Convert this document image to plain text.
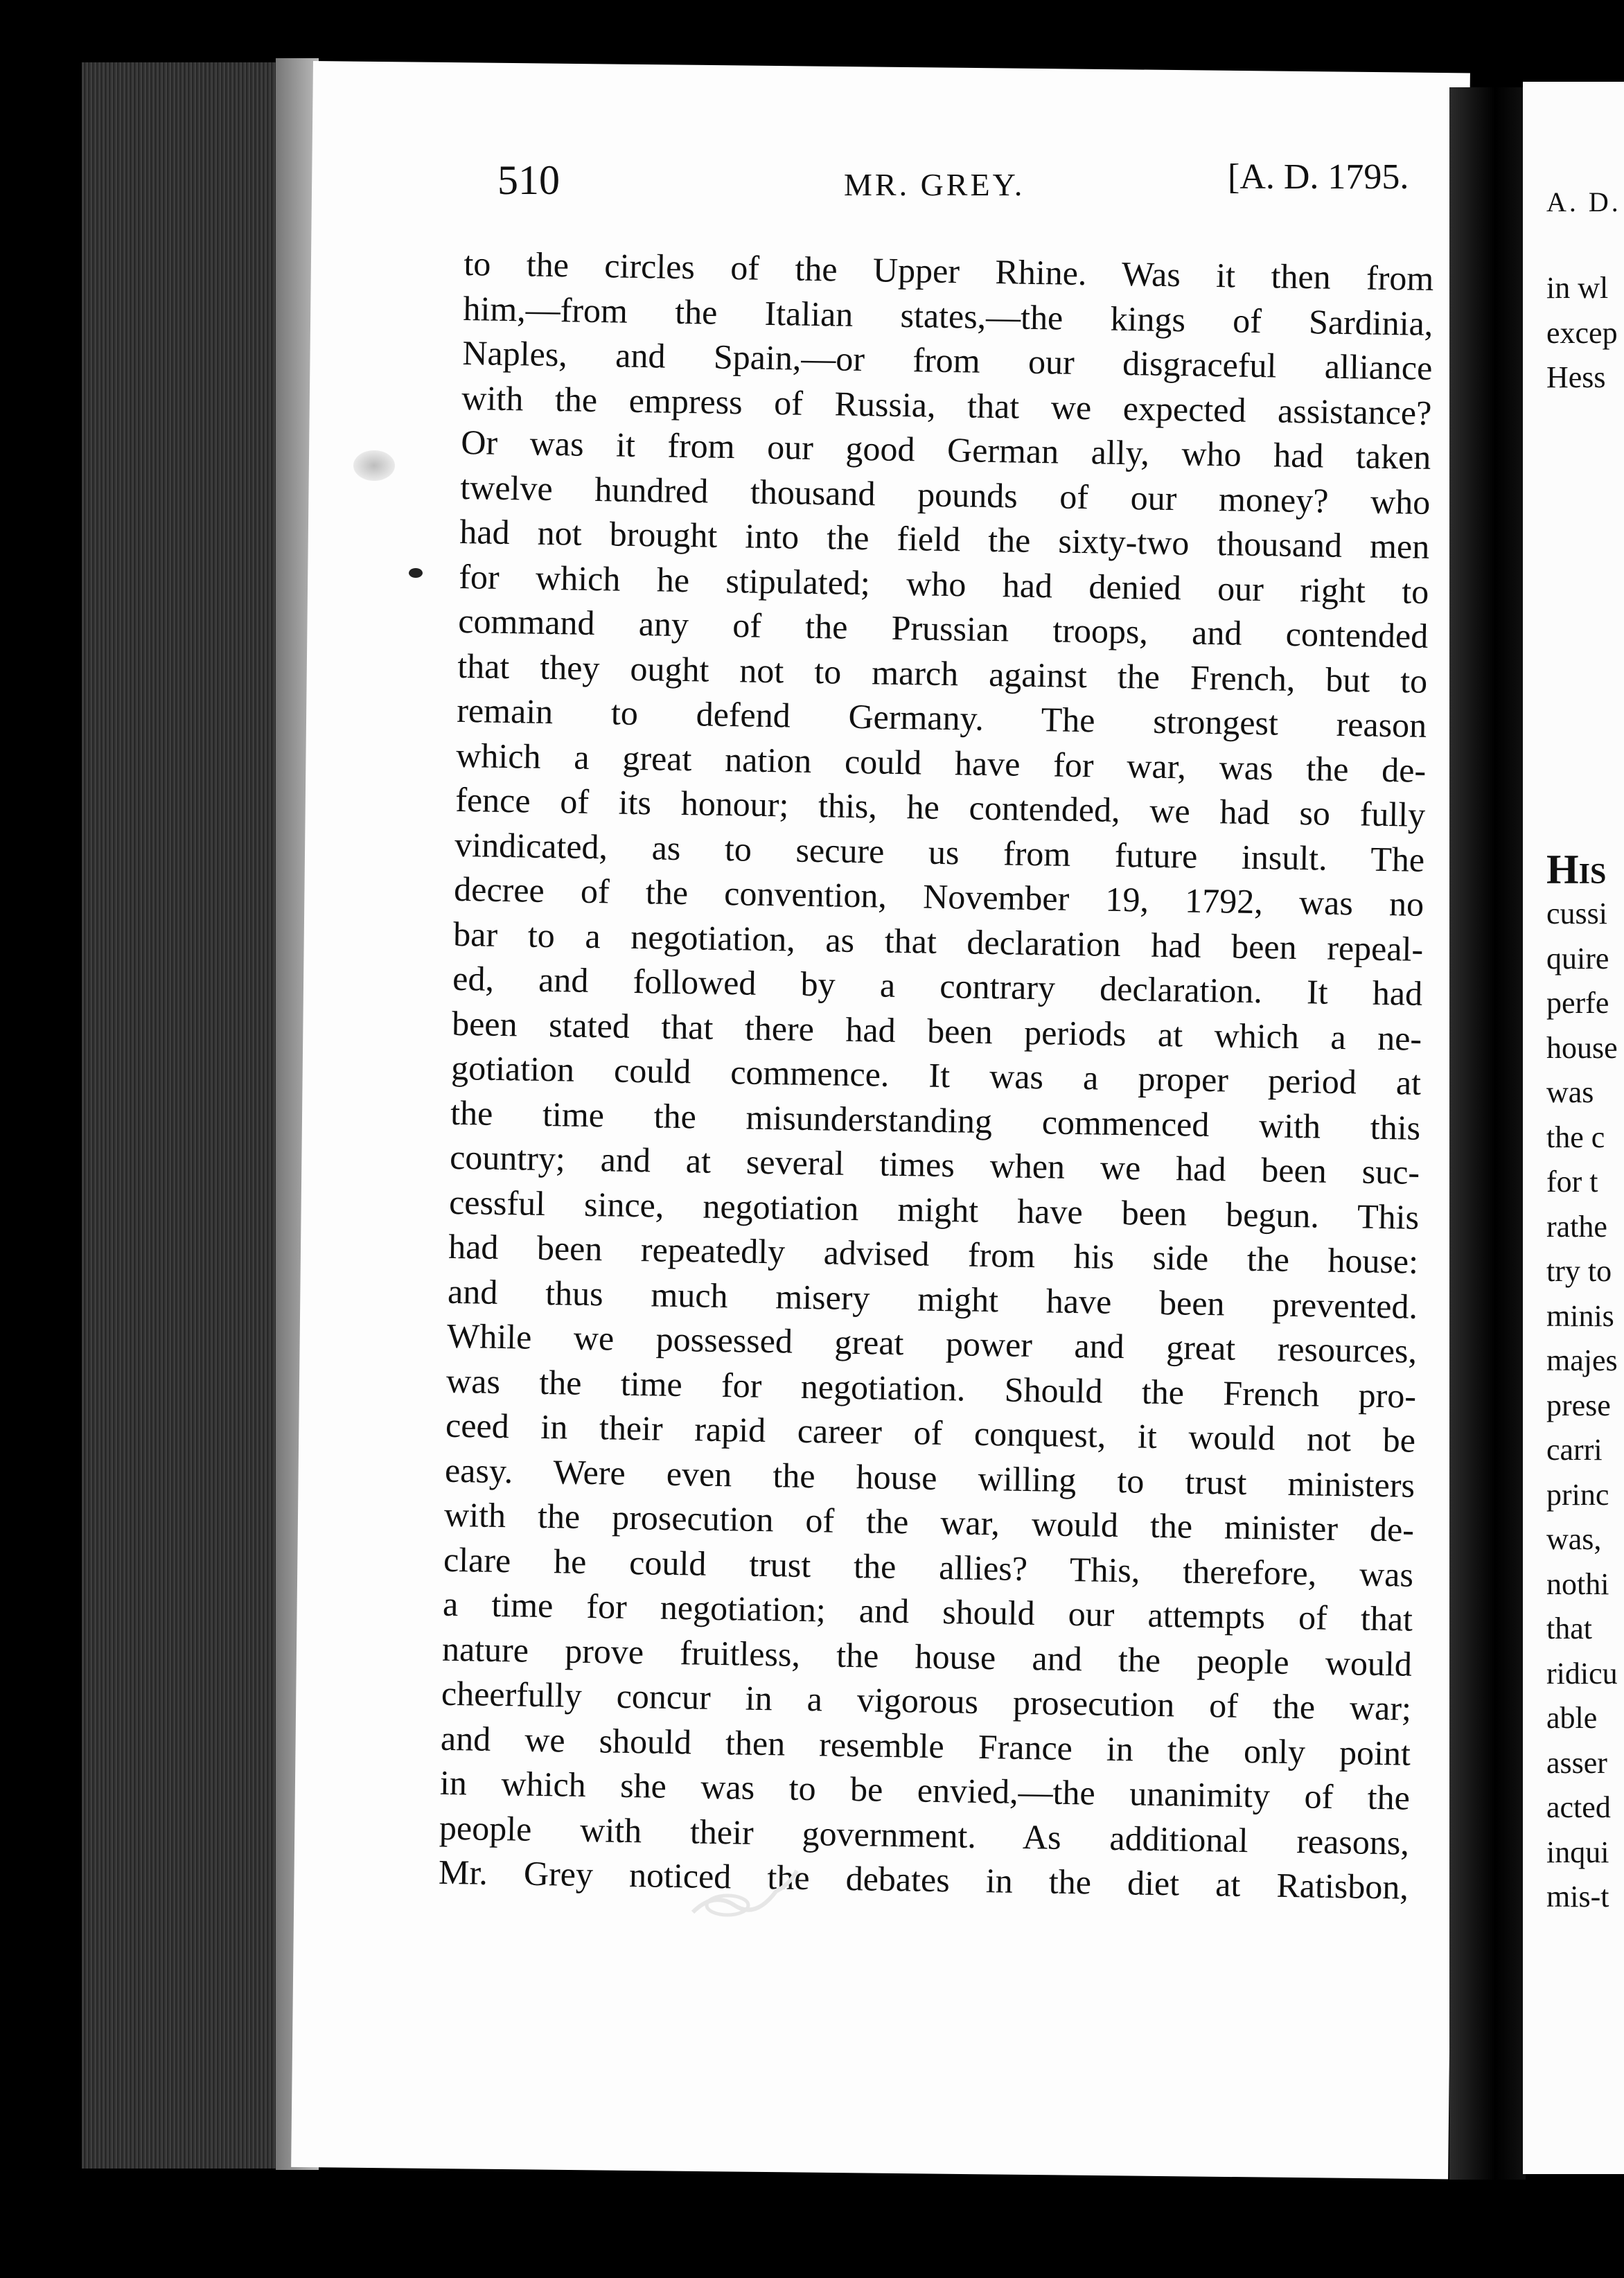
510	MR. GREY.	[A. D. 1795.
to the circles of the Upper Rhine. Was it then from
him,—from the Italian states,—the kings of Sardinia,
Naples, and Spain,—or from our disgraceful alliance
with the empress of Russia, that we expected assistance?
Or was it from our good German ally, who had taken
twelve hundred thousand pounds of our money? who
had not brought into the field the sixty-two thousand men
for which he stipulated; who had denied our right to
command any of the Prussian troops, and contended
that they ought not to march against the French, but to
remain to defend Germany. The strongest reason
which a great nation could have for war, was the de-
fence of its honour; this, he contended, we had so fully
vindicated, as to secure us from future insult. The
decree of the convention, November 19, 1792, was no
bar to a negotiation, as that declaration had been repeal-
ed, and followed by a contrary declaration. It had
been stated that there had been periods at which a ne-
gotiation could commence. It was a proper period at
the time the misunderstanding commenced with this
country; and at several times when we had been suc-
cessful since, negotiation might have been begun. This
had been repeatedly advised from his side the house:
and thus much misery might have been prevented.
While we possessed great power and great resources,
was the time for negotiation. Should the French pro-
ceed in their rapid career of conquest, it would not be
easy. Were even the house willing to trust ministers
with the prosecution of the war, would the minister de-
clare he could trust the allies? This, therefore, was
a time for negotiation; and should our attempts of that
nature prove fruitless, the house and the people would
cheerfully concur in a vigorous prosecution of the war;
and we should then resemble France in the only point
in which she was to be envied,—the unanimity of the
people with their government. As additional reasons,
Mr. Grey noticed the debates in the diet at Ratisbon,
A. D.
in wl
excep
Hess
His
cussi
quire
perfe
house
was
the c
for t
rathe
try to
minis
majes
prese
carri
princ
was,
nothi
that
ridicu
able
asser
acted
inqui
mis-t
